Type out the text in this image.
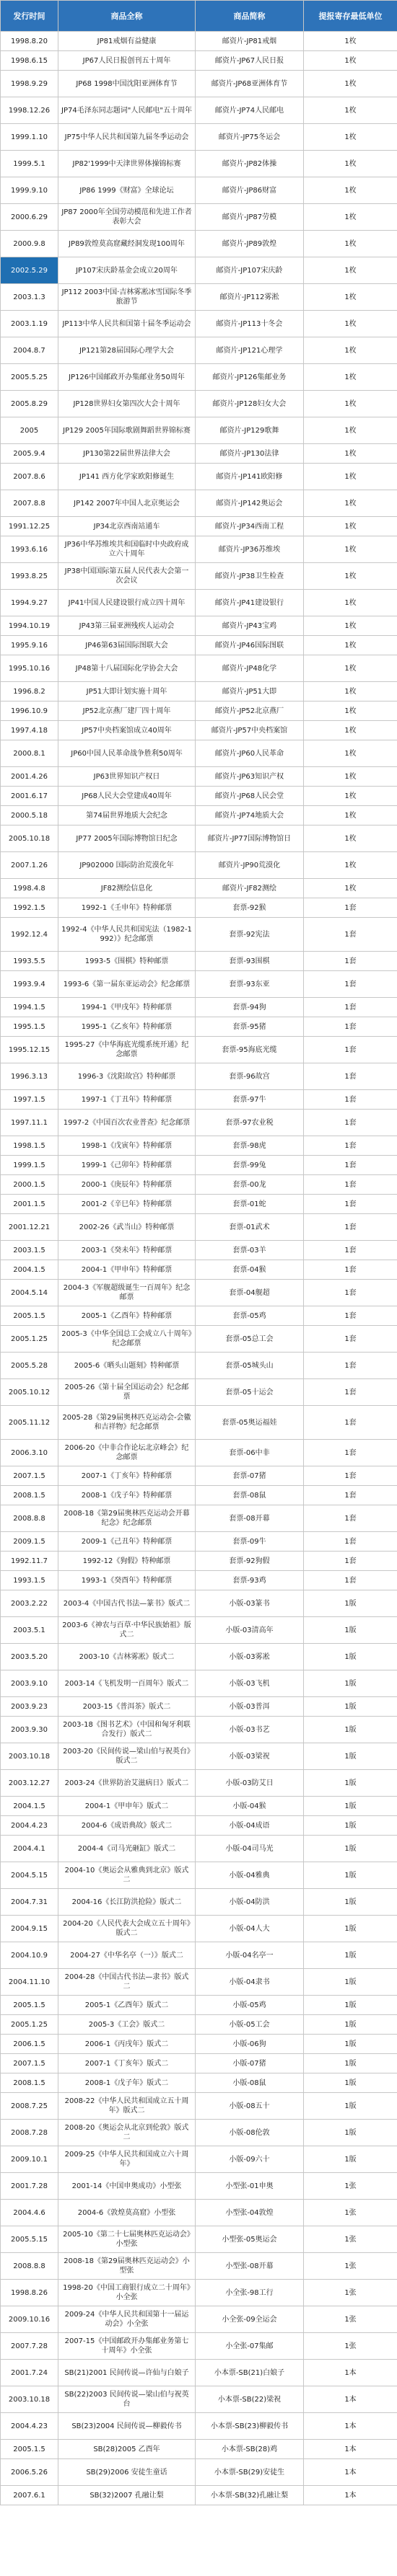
发行时间	商品全称	商品简称	提报寄存最低单位
1998.8.20	JP81戒烟有益健康	邮资片-JP81戒烟	1枚
1998.6.15	JP67人民日报创刊五十周年	邮资片-JP67人民日报	1枚
1998.9.29	JP68 1998中国沈阳亚洲体育节	邮资片-JP68亚洲体育节	1枚
1998.12.26	JP74毛泽东同志题词"人民邮电"五十周年	邮资片-JP74人民邮电	1枚
1999.1.10	JP75中华人民共和国第九届冬季运动会	邮资片-JP75冬运会	1枚
1999.5.1	JP82'1999中天津世界体操锦标赛	邮资片-JP82体操	1枚
1999.9.10	JP86 1999《财富》全球论坛	邮资片-JP86财富	1枚
2000.6.29	JP87 2000年全国劳动模范和先进工作者表彰大会	邮资片-JP87劳模	1枚
2000.9.8	JP89敦煌莫高窟藏经洞发现100周年	邮资片-JP89敦煌	1枚
2002.5.29	JP107宋庆龄基金会成立20周年	邮资片-JP107宋庆龄	1枚
2003.1.3	JP112 2003中国·吉林雾凇冰雪国际冬季旅游节	邮资片-JP112雾淞	1枚
2003.1.19	JP113中华人民共和国第十届冬季运动会	邮资片-JP113十冬会	1枚
2004.8.7	JP121第28届国际心理学大会	邮资片-JP121心理学	1枚
2005.5.25	JP126中国邮政开办集邮业务50周年	邮资片-JP126集邮业务	1枚
2005.8.29	JP128世界妇女第四次大会十周年	邮资片-JP128妇女大会	1枚
2005	JP129 2005年国际歌剧舞蹈世界锦标赛	邮资片-JP129歌舞	1枚
2005.9.4	JP130第22届世界法律大会	邮资片-JP130法律	1枚
2007.8.6	JP141 西方化学家欧阳修诞生	邮资片-JP141欧阳修	1枚
2007.8.8	JP142 2007年中国人北京奥运会	邮资片-JP142奥运会	1枚
1991.12.25	JP34北京西南站通车	邮资片-JP34西南工程	1枚
1993.6.16	JP36中华苏维埃共和国临时中央政府成立六十周年	邮资片-JP36苏维埃	1枚
1993.8.25	JP38中国国际第五届人民代表大会第一次会议	邮资片-JP38卫生检查	1枚
1994.9.27	JP41中国人民建设银行成立四十周年	邮资片-JP41建设银行	1枚
1994.10.19	JP43第三届亚洲残疾人运动会	邮资片-JP43宝鸡	1枚
1995.9.16	JP46第63届国际图联大会	邮资片-JP46国际图联	1枚
1995.10.16	JP48第十八届国际化学协会大会	邮资片-JP48化学	1枚
1996.8.2	JP51大即计划实施十周年	邮资片-JP51大即	1枚
1996.10.9	JP52北京燕厂建厂四十周年	邮资片-JP52北京燕厂	1枚
1997.4.18	JP57中央档案馆成立40周年	邮资片-JP57中央档案馆	1枚
2000.8.1	JP60中国人民革命战争胜利50周年	邮资片-JP60人民革命	1枚
2001.4.26	JP63世界知识产权日	邮资片-JP63知识产权	1枚
2001.6.17	JP68人民大会堂建成40周年	邮资片-JP68人民会堂	1枚
2000.5.18	第74届世界地质大会纪念	邮资片-JP74地质大会	1枚
2005.10.18	JP77 2005年国际博物馆日纪念	邮资片-JP77国际博物馆日	1枚
2007.1.26	JP902000 国际防治荒漠化年	邮资片-JP90荒漠化	1枚
1998.4.8	JF82测绘信息化	邮资片-JF82测绘	1枚
1992.1.5	1992-1《壬申年》特种邮票	套票-92猴	1套
1992.12.4	1992-4《中华人民共和国宪法（1982-1992）》纪念邮票	套票-92宪法	1套
1993.5.5	1993-5《围棋》特种邮票	套票-93围棋	1套
1993.9.4	1993-6《第一届东亚运动会》纪念邮票	套票-93东亚	1套
1994.1.5	1994-1《甲戌年》特种邮票	套票-94狗	1套
1995.1.5	1995-1《乙亥年》特种邮票	套票-95猪	1套
1995.12.15	1995-27《中华海底光缆系统开通》纪念邮票	套票-95海底光缆	1套
1996.3.13	1996-3《沈阳故宫》特种邮票	套票-96故宫	1套
1997.1.5	1997-1《丁丑年》特种邮票	套票-97牛	1套
1997.11.1	1997-2《中国百次农业普查》纪念邮票	套票-97农业税	1套
1998.1.5	1998-1《戊寅年》特种邮票	套票-98虎	1套
1999.1.5	1999-1《己卯年》特种邮票	套票-99兔	1套
2000.1.5	2000-1《庚辰年》特种邮票	套票-00龙	1套
2001.1.5	2001-2《辛巳年》特种邮票	套票-01蛇	1套
2001.12.21	2002-26《武当山》特种邮票	套票-01武术	1套
2003.1.5	2003-1《癸未年》特种邮票	套票-03羊	1套
2004.1.5	2004-1《甲申年》特种邮票	套票-04猴	1套
2004.5.14	2004-3《军舰超级诞生一百周年》纪念邮票	套票-04舰超	1套
2005.1.5	2005-1《乙酉年》特种邮票	套票-05鸡	1套
2005.1.25	2005-3《中华全国总工会成立八十周年》纪念邮票	套票-05总工会	1套
2005.5.28	2005-6《晒头山题刻》特种邮票	套票-05城头山	1套
2005.10.12	2005-26《第十届全国运动会》纪念邮票	套票-05十运会	1套
2005.11.12	2005-28《第29届奥林匹克运动会-会徽和吉祥物》纪念邮票	套票-05奥运福娃	1套
2006.3.10	2006-20《中非合作论坛北京峰会》纪念邮票	套票-06中非	1套
2007.1.5	2007-1《丁亥年》特种邮票	套票-07猪	1套
2008.1.5	2008-1《戊子年》特种邮票	套票-08鼠	1套
2008.8.8	2008-18《第29届奥林匹克运动会开幕纪念》纪念邮票	套票-08开幕	1套
2009.1.5	2009-1《己丑年》特种邮票	套票-09牛	1套
1992.11.7	1992-12《狗假》特种邮票	套票-92狗假	1套
1993.1.5	1993-1《癸酉年》特种邮票	套票-93鸡	1套
2003.2.22	2003-4《中国古代书法—篆书》版式二	小版-03篆书	1版
2003.5.1	2003-6《神农与百草·中华民族始祖》版式二	小版-03清高年	1版
2003.5.20	2003-10《吉林雾凇》版式二	小版-03雾凇	1版
2003.9.10	2003-14《飞机发明一百周年》版式二	小版-03飞机	1版
2003.9.23	2003-15《普洱茶》版式二	小版-03普洱	1版
2003.9.30	2003-18《图书艺术》（中国和匈牙利联合发行）版式二	小版-03书艺	1版
2003.10.18	2003-20《民间传说—梁山伯与祝英台》版式二	小版-03梁祝	1版
2003.12.27	2003-24《世界防治艾滋病日》版式二	小版-03防艾日	1版
2004.1.5	2004-1《甲申年》版式二	小版-04猴	1版
2004.4.23	2004-6《成语典故》版式二	小版-04成语	1版
2004.4.1	2004-4《司马光砸缸》版式二	小版-04司马光	1版
2004.5.15	2004-10《奥运会从雅典到北京》版式二	小版-04雅典	1版
2004.7.31	2004-16《长江防洪抢险》版式二	小版-04防洪	1版
2004.9.15	2004-20《人民代表大会成立五十周年》版式二	小版-04人大	1版
2004.10.9	2004-27《中华名亭（一）》版式二	小版-04名亭一	1版
2004.11.10	2004-28《中国古代书法—隶书》版式二	小版-04隶书	1版
2005.1.5	2005-1《乙酉年》版式二	小版-05鸡	1版
2005.1.25	2005-3《工会》版式二	小版-05工会	1版
2006.1.5	2006-1《丙戌年》版式二	小版-06狗	1版
2007.1.5	2007-1《丁亥年》版式二	小版-07猪	1版
2008.1.5	2008-1《戊子年》版式二	小版-08鼠	1版
2008.7.25	2008-22《中华人民共和国成立五十周年》版式二	小版-08五十	1版
2008.7.28	2008-20《奥运会从北京到伦敦》版式二	小版-08伦敦	1版
2009.10.1	2009-25《中华人民共和国成立六十周年》	小版-09六十	1版
2001.7.28	2001-14《中国申奥成功》小型张	小型张-01申奥	1张
2004.4.6	2004-6《敦煌莫高窟》小型张	小型张-04敦煌	1张
2005.5.15	2005-10《第二十七届奥林匹克运动会》小型张	小型张-05奥运会	1张
2008.8.8	2008-18《第29届奥林匹克运动会》小型张	小型张-08开幕	1张
1998.8.26	1998-20《中国工商银行成立二十周年》小全张	小全张-98工行	1张
2009.10.16	2009-24《中华人民共和国第十一届运动会》小全张	小全张-09全运会	1张
2007.7.28	2007-15《中国邮政开办集邮业务第七十周年》小全张	小全张-07集邮	1张
2001.7.24	SB(21)2001 民间传说—许仙与白娘子	小本票-SB(21)白娘子	1本
2003.10.18	SB(22)2003 民间传说—梁山伯与祝英台	小本票-SB(22)梁祝	1本
2004.4.23	SB(23)2004 民间传说—柳毅传书	小本票-SB(23)柳毅传书	1本
2005.1.5	SB(28)2005 乙酉年	小本票-SB(28)鸡	1本
2006.5.26	SB(29)2006 安徒生童话	小本票-SB(29)安徒生	1本
2007.6.1	SB(32)2007 孔融让梨	小本票-SB(32)孔融让梨	1本
